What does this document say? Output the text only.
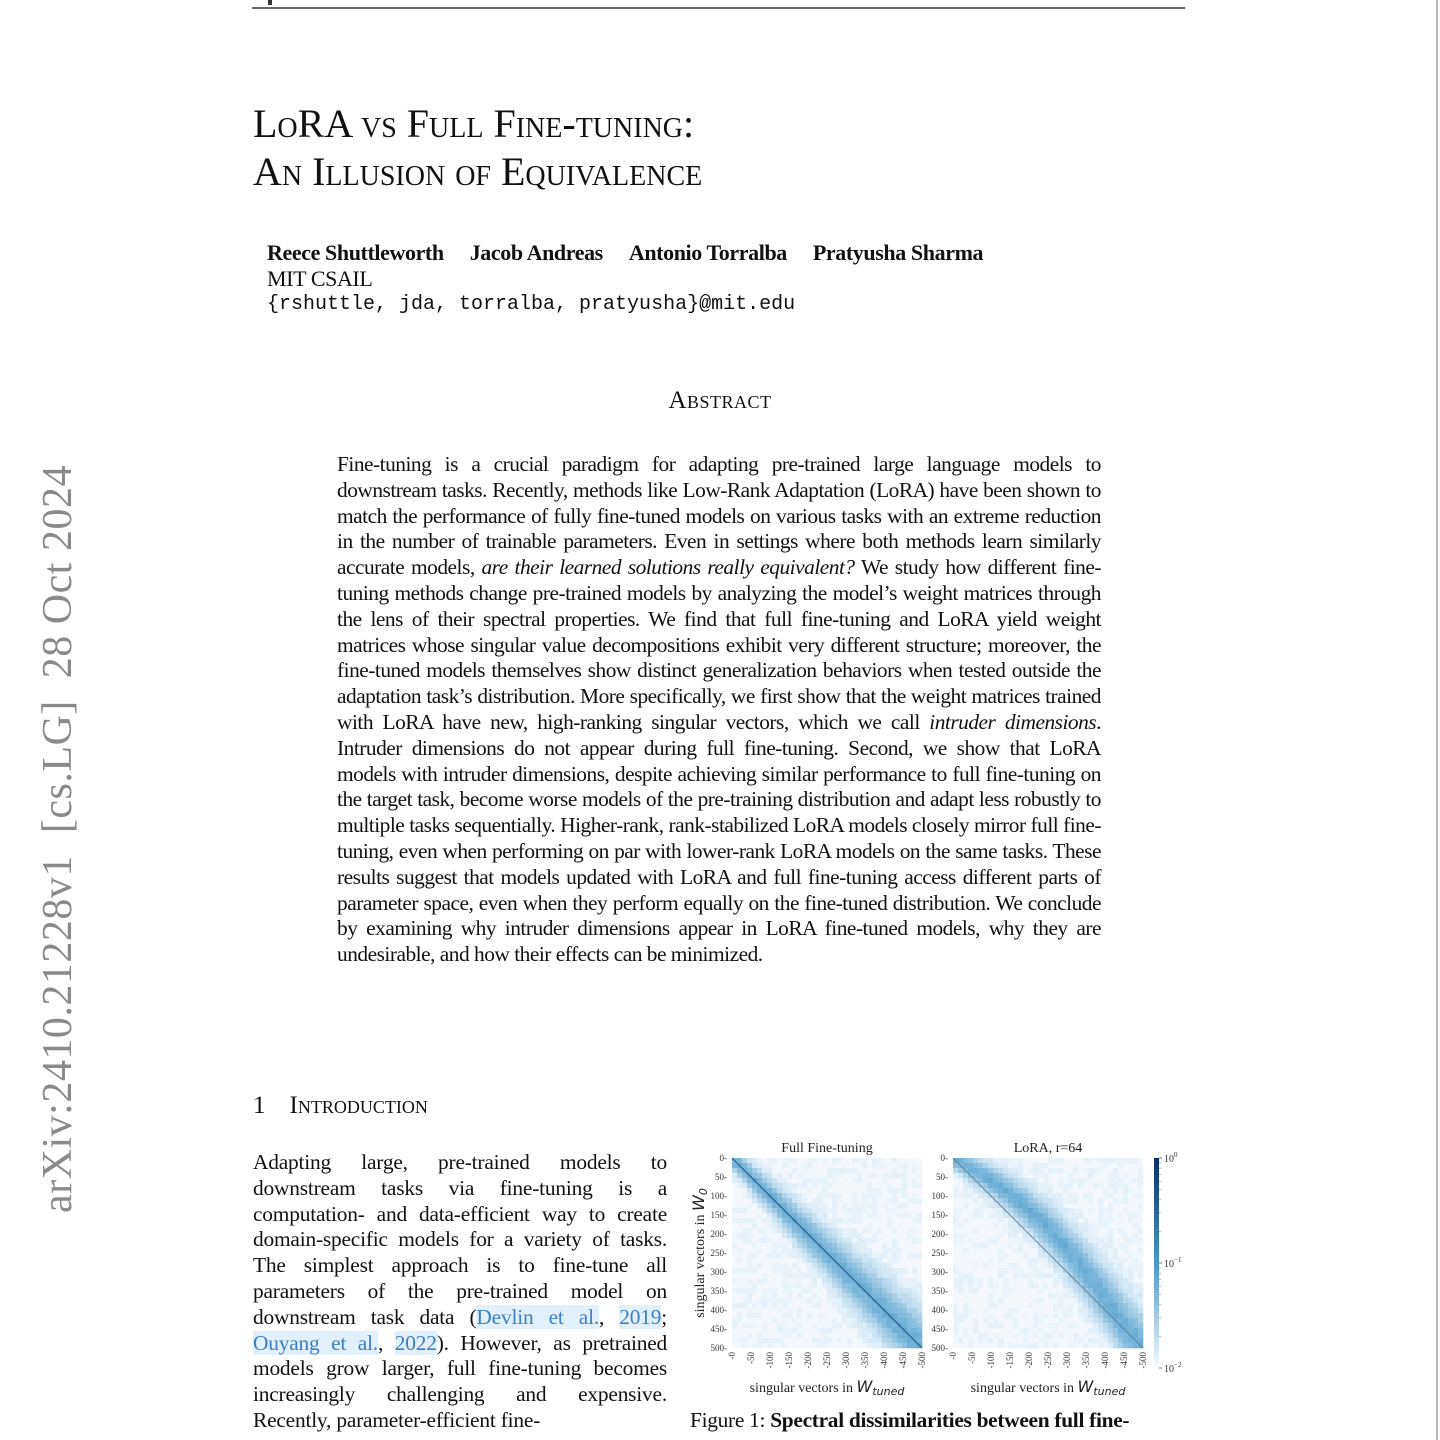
arXiv:2410.21228v1[cs.LG]28 Oct 2024
LoRA vs Full Fine-tuning:
An Illusion of Equivalence
Reece Shuttleworth Jacob Andreas Antonio Torralba Pratyusha Sharma
MIT CSAIL
{rshuttle, jda, torralba, pratyusha}@mit.edu
Abstract
Fine-tuning is a crucial paradigm for adapting pre-trained large language models to downstream tasks. Recently, methods like Low-Rank Adaptation (LoRA) have been shown to match the performance of fully fine-tuned models on various tasks with an extreme reduction in the number of trainable parameters. Even in settings where both methods learn similarly accurate models, are their learned solutions really equivalent? We study how different fine-tuning methods change pre-trained models by analyzing the model’s weight matrices through the lens of their spectral properties. We find that full fine-tuning and LoRA yield weight matrices whose singular value decompositions exhibit very different structure; moreover, the fine-tuned models themselves show distinct generalization behaviors when tested outside the adaptation task’s distribution. More specifically, we first show that the weight matrices trained with LoRA have new, high-ranking singular vectors, which we call intruder dimensions. Intruder dimensions do not appear during full fine-tuning. Second, we show that LoRA models with intruder dimensions, despite achieving similar performance to full fine-tuning on the target task, become worse models of the pre-training distribution and adapt less robustly to multiple tasks sequentially. Higher-rank, rank-stabilized LoRA models closely mirror full fine-tuning, even when performing on par with lower-rank LoRA models on the same tasks. These results suggest that models updated with LoRA and full fine-tuning access different parts of parameter space, even when they perform equally on the fine-tuned distribution. We conclude by examining why intruder dimensions appear in LoRA fine-tuned models, why they are undesirable, and how their effects can be minimized.
1 Introduction
Adapting large, pre-trained models to downstream tasks via fine-tuning is a computation- and data-efficient way to create domain-specific models for a variety of tasks. The simplest approach is to fine-tune all parameters of the pre-trained model on downstream task data (Devlin et al., 2019; Ouyang et al., 2022). However, as pretrained models grow larger, full fine-tuning becomes increasingly challenging and expensive. Recently, parameter-efficient fine-
Full Fine-tuning
0-
50-
100-
150-
200-
250-
300-
350-
400-
450-
500-
-0 -50 -100 -150 -200 -250 -300 -350 -400 -450 -500
singular vectors in $W_{tuned}$
singular vectors in $W_0$
LoRA, r=64
0-
50-
100-
150-
200-
250-
300-
350-
400-
450-
500-
-0 -50 -100 -150 -200 -250 -300 -350 -400 -450 -500
singular vectors in $W_{tuned}$
$10^0$
$10^{-1}$
$10^{-2}$
Figure 1: Spectral dissimilarities between full fine-
